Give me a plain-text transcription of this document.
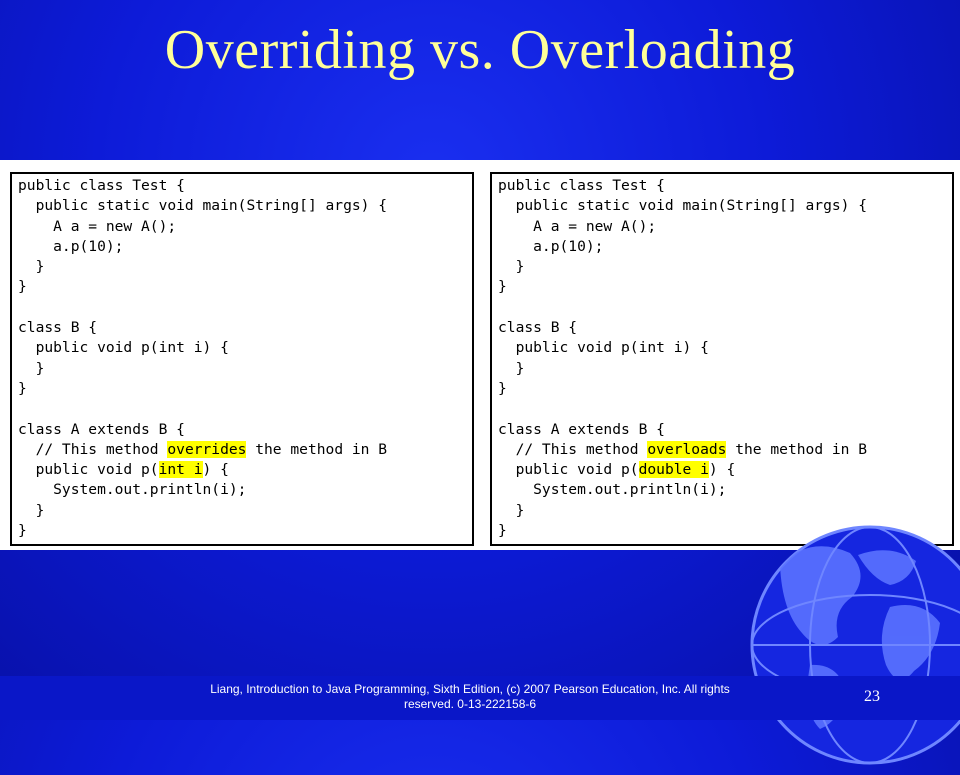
Overriding vs. Overloading
public class Test {
public static void main(String[] args) {
A a = new A();
a.p(10);
}
}
class B {
public void p(int i) {
}
}
class A extends B {
// This method overrides the method in B
public void p(int i) {
System.out.println(i);
}
}
public class Test {
public static void main(String[] args) {
A a = new A();
a.p(10);
}
}
class B {
public void p(int i) {
}
}
class A extends B {
// This method overloads the method in B
public void p(double i) {
System.out.println(i);
}
}
Liang, Introduction to Java Programming, Sixth Edition, (c) 2007 Pearson Education, Inc. All rights reserved. 0-13-222158-6	23
